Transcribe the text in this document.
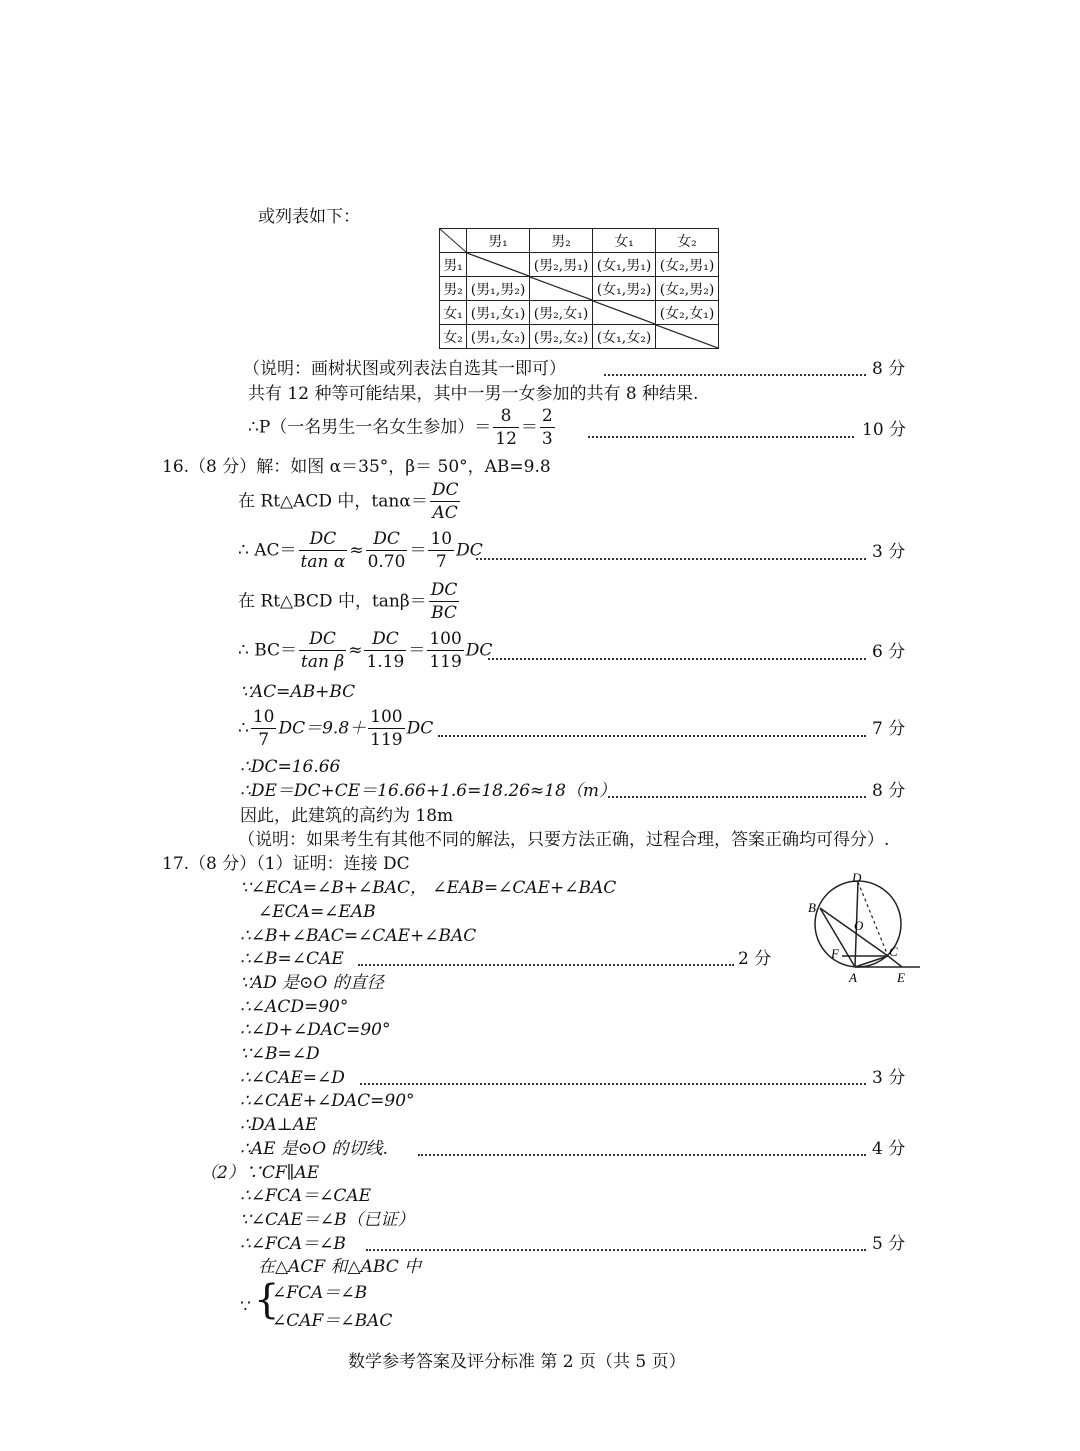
或列表如下：
	男₁	男₂	女₁	女₂
男₁		(男₂,男₁)	(女₁,男₁)	(女₂,男₁)
男₂	(男₁,男₂)		(女₁,男₂)	(女₂,男₂)
女₁	(男₁,女₁)	(男₂,女₁)		(女₂,女₁)
女₂	(男₁,女₂)	(男₂,女₂)	(女₁,女₂)	
（说明：画树状图或列表法自选其一即可）	8 分
共有 12 种等可能结果，其中一男一女参加的共有 8 种结果.
∴P（一名男生一名女生参加）＝ $\frac{8}{12} = \frac{2}{3}$	10 分
16.（8 分）解：如图 α＝35°，β＝ 50°，AB=9.8
在 Rt△ACD 中，$\tan\alpha= \frac{DC}{AC}$
∴ $AC= \frac{DC}{\text{tan α}} \approx \frac{DC}{0.70} = \frac{10}{7}$ DC	3 分
在 Rt△BCD 中，$\tan\beta= \frac{DC}{BC}$
∴ $BC= \frac{DC}{\text{tan β}} \approx \frac{DC}{1.19} = \frac{100}{119}$ DC	6 分
∵AC=AB+BC
∴ $\frac{10}{7} DC=9.8+ \frac{100}{119}$ DC	7 分
∴DC=16.66
∴DE＝DC+CE＝16.66+1.6=18.26≈18（m）	8 分
因此，此建筑的高约为 18m
（说明：如果考生有其他不同的解法，只要方法正确，过程合理，答案正确均可得分）.
17.（8 分）（1）证明：连接 DC
∵∠ECA=∠B+∠BAC， ∠EAB=∠CAE+∠BAC
∠ECA=∠EAB
∴∠B+∠BAC=∠CAE+∠BAC
∴∠B=∠CAE	2 分
∵AD 是⊙O 的直径
∴∠ACD=90°
∴∠D+∠DAC=90°
∵∠B=∠D
∴∠CAE=∠D	3 分
∴∠CAE+∠DAC=90°
∴DA⊥AE
∴AE 是⊙O 的切线.	4 分
（2）∵CF∥AE
∴∠FCA＝∠CAE
∵∠CAE＝∠B（已证）
∴∠FCA＝∠B	5 分
在△ACF 和△ABC 中
∵ {
∠FCA＝∠B
∠CAF＝∠BAC
D
B
O
F	C
A	E
数学参考答案及评分标准 第 2 页（共 5 页）
